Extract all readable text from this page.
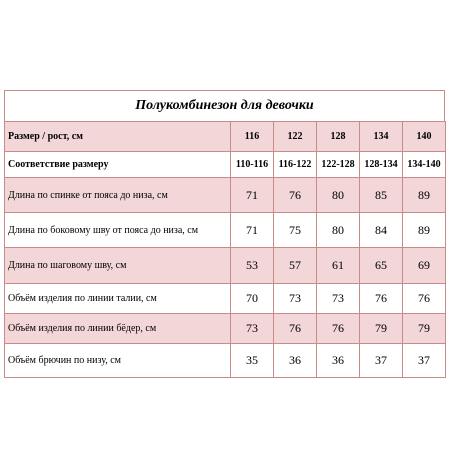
Полукомбинезон для девочки
Размер / рост, см	116	122	128	134	140
Соответствие размеру	110-116	116-122	122-128	128-134	134-140
Длина по спинке от пояса до низа, см	71	76	80	85	89
Длина по боковому шву от пояса до низа, см	71	75	80	84	89
Длина по шаговому шву, см	53	57	61	65	69
Объём изделия по линии талии, см	70	73	73	76	76
Объём изделия по линии бёдер, см	73	76	76	79	79
Объём брючин по низу, см	35	36	36	37	37
